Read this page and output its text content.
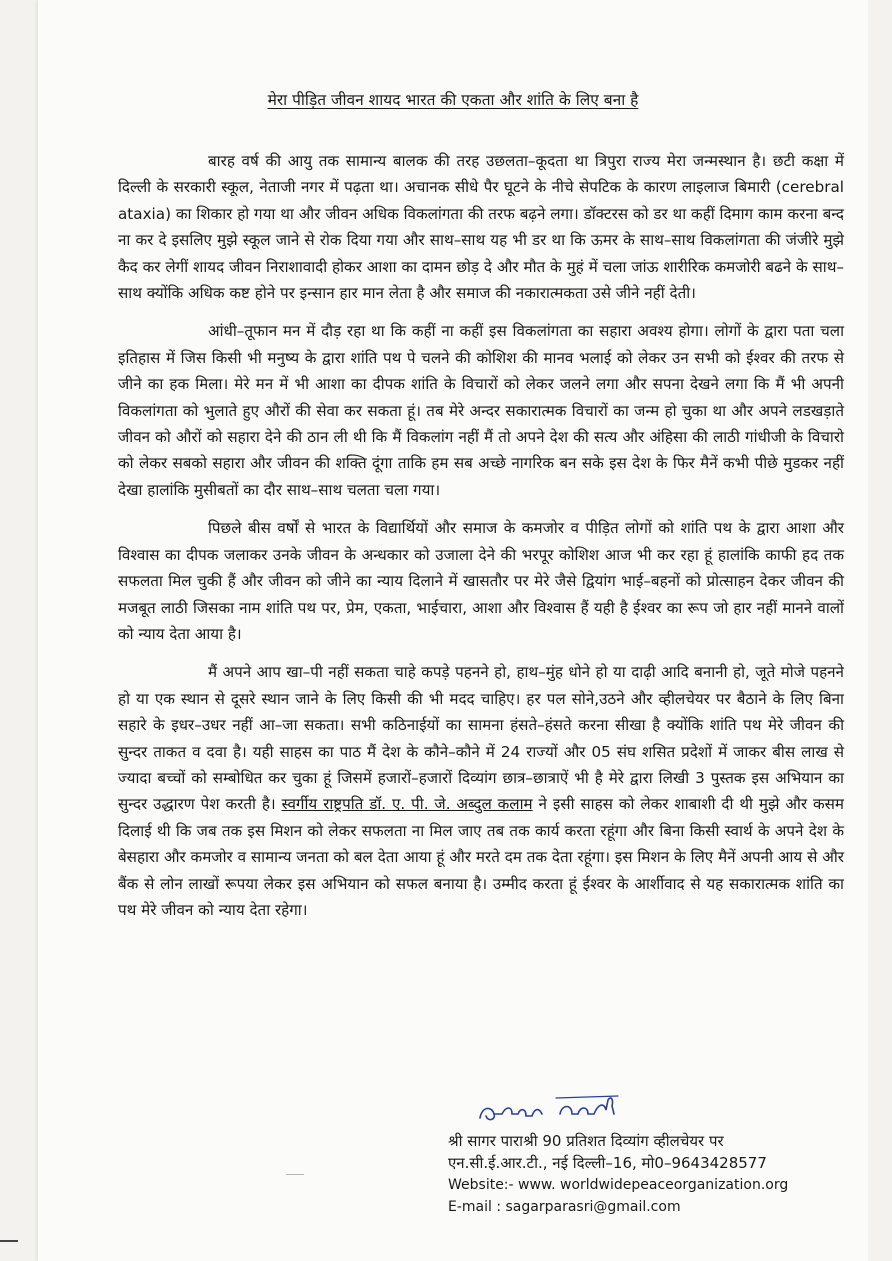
मेरा पीड़ित जीवन शायद भारत की एकता और शांति के लिए बना है

बारह वर्ष की आयु तक सामान्य बालक की तरह उछलता–कूदता था त्रिपुरा राज्य मेरा जन्मस्थान है। छटी कक्षा में दिल्ली के सरकारी स्कूल, नेताजी नगर में पढ़ता था। अचानक सीधे पैर घूटने के नीचे सेपटिक के कारण लाइलाज बिमारी (cerebral ataxia) का शिकार हो गया था और जीवन अधिक विकलांगता की तरफ बढ़ने लगा। डॉक्टरस को डर था कहीं दिमाग काम करना बन्द ना कर दे इसलिए मुझे स्कूल जाने से रोक दिया गया और साथ–साथ यह भी डर था कि ऊमर के साथ–साथ विकलांगता की जंजीरे मुझे कैद कर लेगीं शायद जीवन निराशावादी होकर आशा का दामन छोड़ दे और मौत के मुहं में चला जांऊ शारीरिक कमजोरी बढने के साथ–साथ क्योंकि अधिक कष्ट होने पर इन्सान हार मान लेता है और समाज की नकारात्मकता उसे जीने नहीं देती।

आंधी–तूफान मन में दौड़ रहा था कि कहीं ना कहीं इस विकलांगता का सहारा अवश्य होगा। लोगों के द्वारा पता चला इतिहास में जिस किसी भी मनुष्य के द्वारा शांति पथ पे चलने की कोशिश की मानव भलाई को लेकर उन सभी को ईश्वर की तरफ से जीने का हक मिला। मेरे मन में भी आशा का दीपक शांति के विचारों को लेकर जलने लगा और सपना देखने लगा कि मैं भी अपनी विकलांगता को भुलाते हुए औरों की सेवा कर सकता हूं। तब मेरे अन्दर सकारात्मक विचारों का जन्म हो चुका था और अपने लडखड़ाते जीवन को औरों को सहारा देने की ठान ली थी कि मैं विकलांग नहीं मैं तो अपने देश की सत्य और अंहिसा की लाठी गांधीजी के विचारो को लेकर सबको सहारा और जीवन की शक्ति दूंगा ताकि हम सब अच्छे नागरिक बन सके इस देश के फिर मैनें कभी पीछे मुडकर नहीं देखा हालांकि मुसीबतों का दौर साथ–साथ चलता चला गया।

पिछले बीस वर्षों से भारत के विद्यार्थियों और समाज के कमजोर व पीड़ित लोगों को शांति पथ के द्वारा आशा और विश्वास का दीपक जलाकर उनके जीवन के अन्धकार को उजाला देने की भरपूर कोशिश आज भी कर रहा हूं हालांकि काफी हद तक सफलता मिल चुकी हैं और जीवन को जीने का न्याय दिलाने में खासतौर पर मेरे जैसे द्वियांग भाई–बहनों को प्रोत्साहन देकर जीवन की मजबूत लाठी जिसका नाम शांति पथ पर, प्रेम, एकता, भाईचारा, आशा और विश्वास हैं यही है ईश्वर का रूप जो हार नहीं मानने वालों को न्याय देता आया है।

मैं अपने आप खा–पी नहीं सकता चाहे कपड़े पहनने हो, हाथ–मुंह धोने हो या दाढ़ी आदि बनानी हो, जूते मोजे पहनने हो या एक स्थान से दूसरे स्थान जाने के लिए किसी की भी मदद चाहिए। हर पल सोने,उठने और व्हीलचेयर पर बैठाने के लिए बिना सहारे के इधर–उधर नहीं आ–जा सकता। सभी कठिनाईयों का सामना हंसते–हंसते करना सीखा है क्योंकि शांति पथ मेरे जीवन की सुन्दर ताकत व दवा है। यही साहस का पाठ मैं देश के कौने–कौने में 24 राज्यों और 05 संघ शसित प्रदेशों में जाकर बीस लाख से ज्यादा बच्चों को सम्बोधित कर चुका हूं जिसमें हजारों–हजारों दिव्यांग छात्र–छात्राऐं भी है मेरे द्वारा लिखी 3 पुस्तक इस अभियान का सुन्दर उद्धारण पेश करती है। स्वर्गीय राष्ट्रपति डॉ. ए. पी. जे. अब्दुल कलाम ने इसी साहस को लेकर शाबाशी दी थी मुझे और कसम दिलाई थी कि जब तक इस मिशन को लेकर सफलता ना मिल जाए तब तक कार्य करता रहूंगा और बिना किसी स्वार्थ के अपने देश के बेसहारा और कमजोर व सामान्य जनता को बल देता आया हूं और मरते दम तक देता रहूंगा। इस मिशन के लिए मैनें अपनी आय से और बैंक से लोन लाखों रूपया लेकर इस अभियान को सफल बनाया है। उम्मीद करता हूं ईश्वर के आर्शीवाद से यह सकारात्मक शांति का पथ मेरे जीवन को न्याय देता रहेगा।

श्री सागर पाराश्री 90 प्रतिशत दिव्यांग व्हीलचेयर पर
एन.सी.ई.आर.टी., नई दिल्ली–16, मो0–9643428577
Website:- www. worldwidepeaceorganization.org
E-mail : sagarparasri@gmail.com
